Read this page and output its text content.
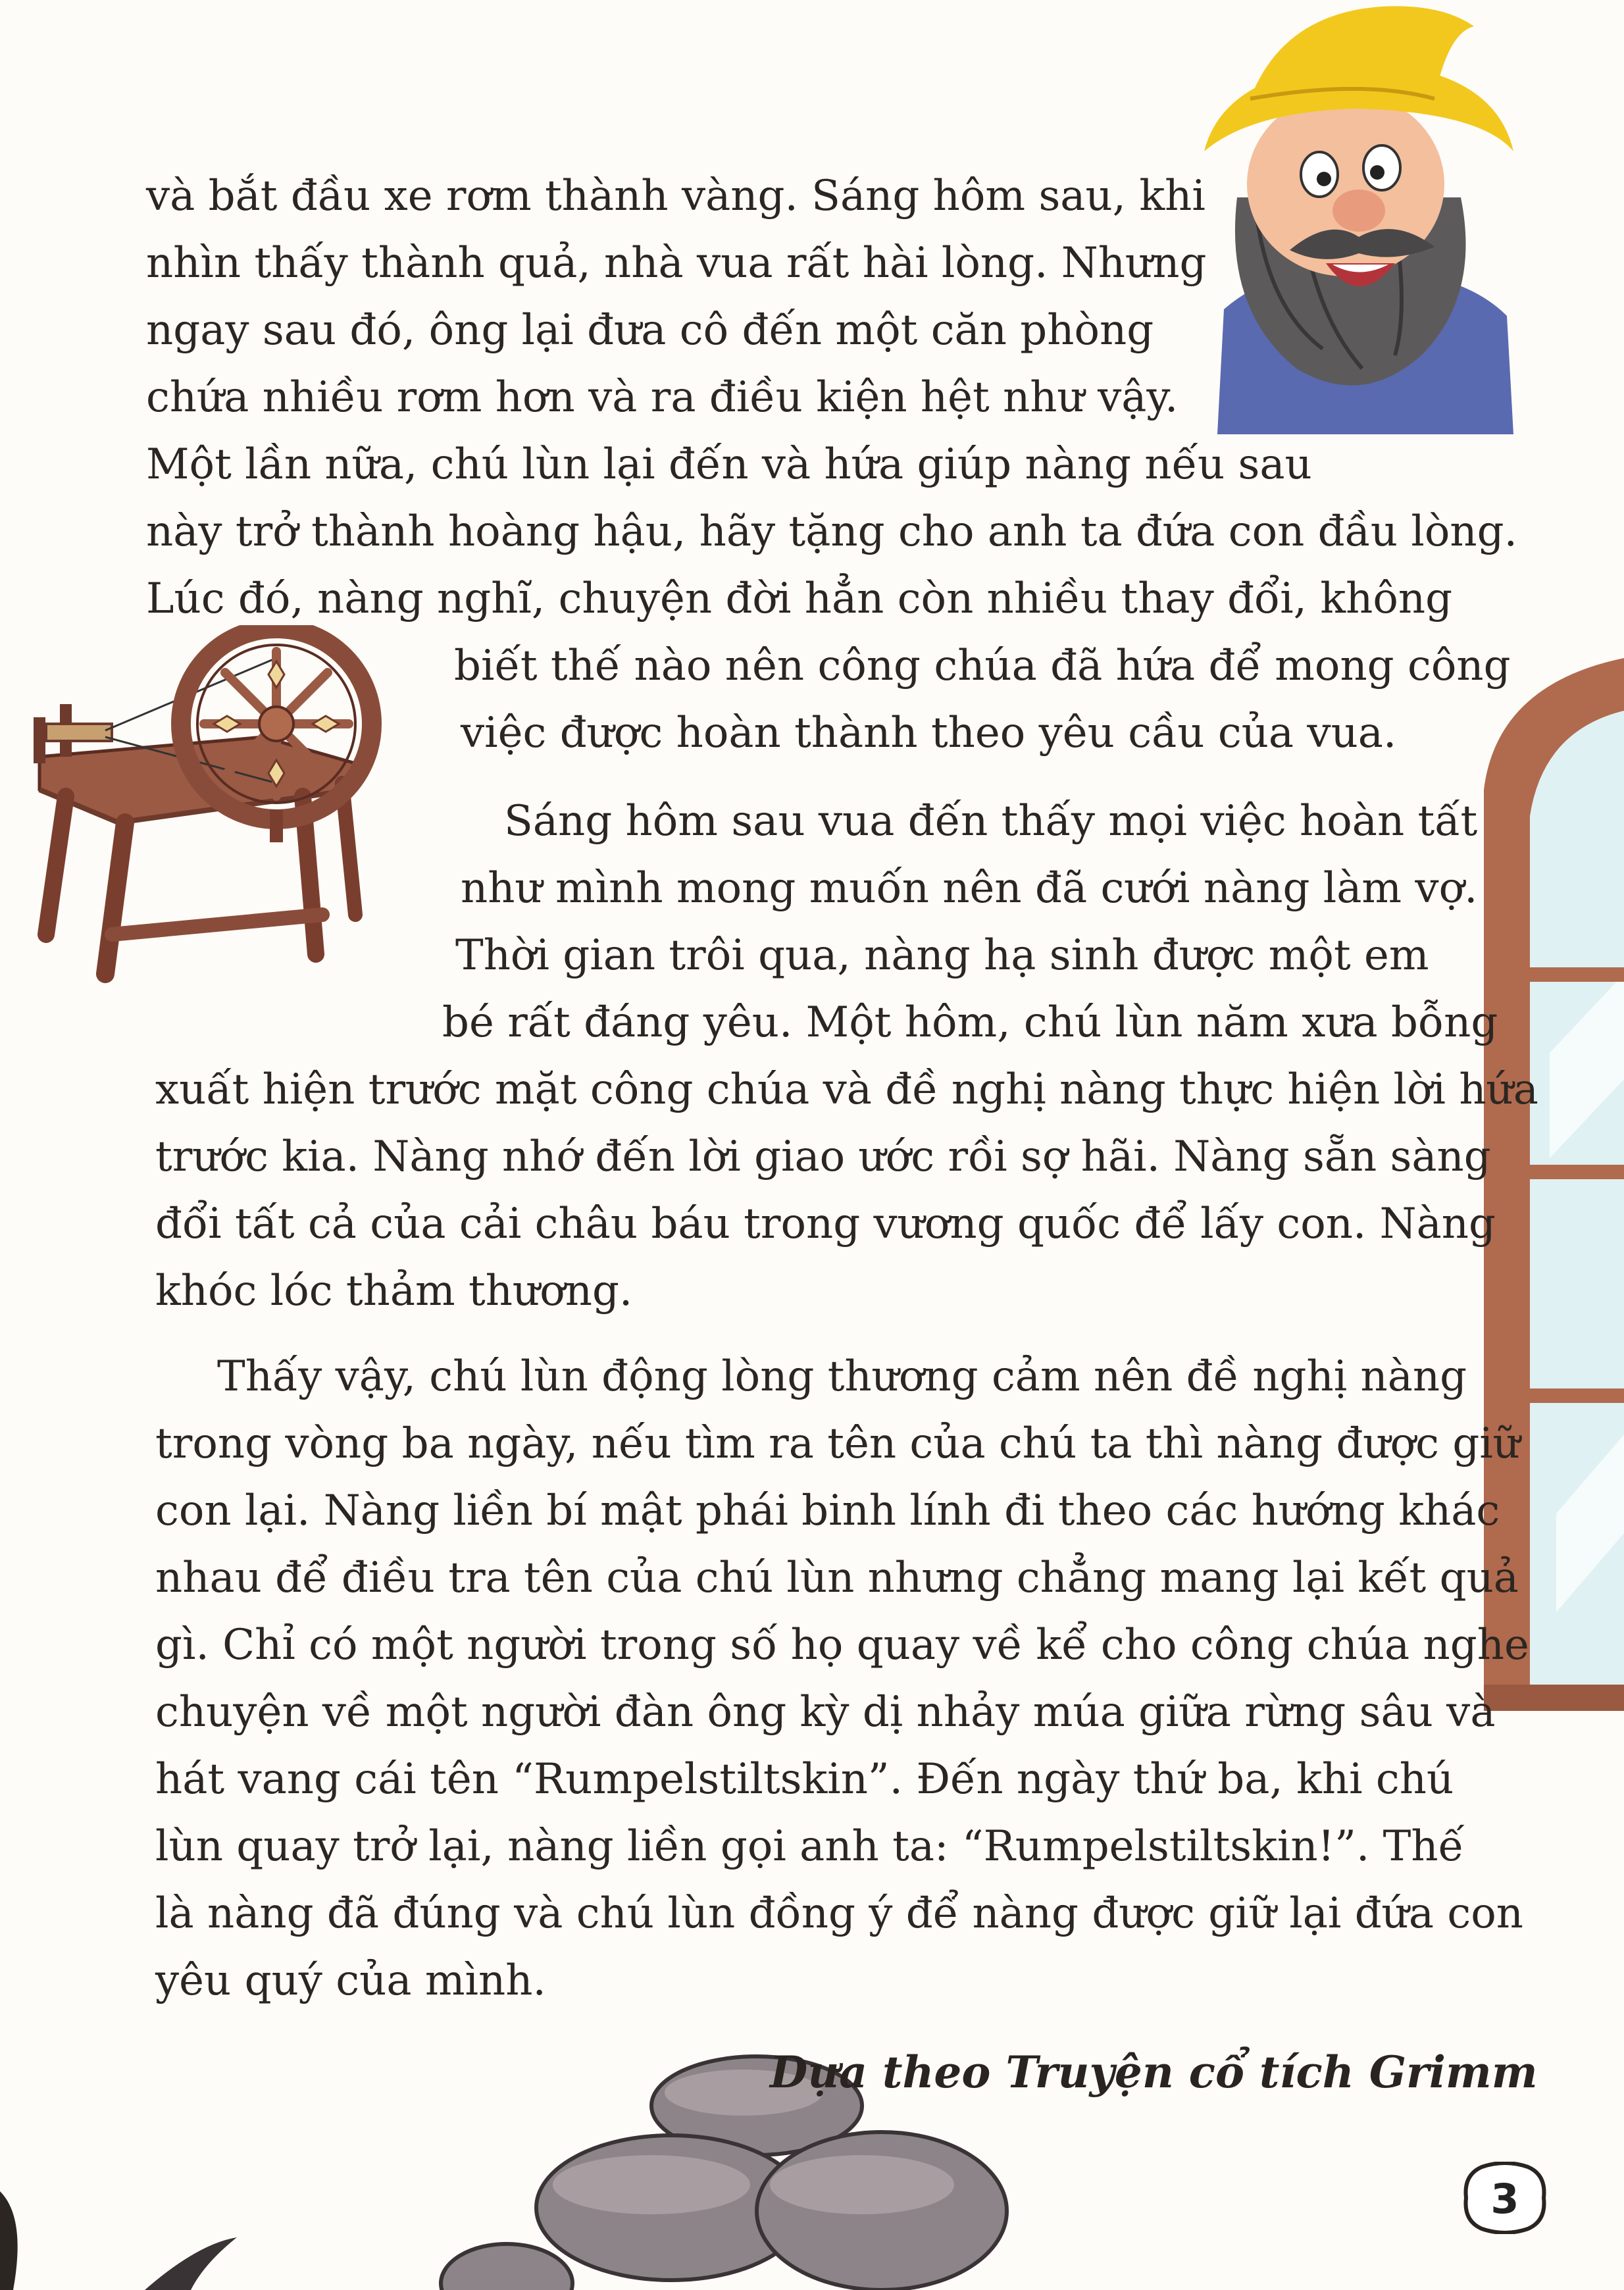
và bắt đầu xe rơm thành vàng. Sáng hôm sau, khi
nhìn thấy thành quả, nhà vua rất hài lòng. Nhưng
ngay sau đó, ông lại đưa cô đến một căn phòng
chứa nhiều rơm hơn và ra điều kiện hệt như vậy.
Một lần nữa, chú lùn lại đến và hứa giúp nàng nếu sau
này trở thành hoàng hậu, hãy tặng cho anh ta đứa con đầu lòng.
Lúc đó, nàng nghĩ, chuyện đời hẳn còn nhiều thay đổi, không
biết thế nào nên công chúa đã hứa để mong công
việc được hoàn thành theo yêu cầu của vua.
Sáng hôm sau vua đến thấy mọi việc hoàn tất
như mình mong muốn nên đã cưới nàng làm vợ.
Thời gian trôi qua, nàng hạ sinh được một em
bé rất đáng yêu. Một hôm, chú lùn năm xưa bỗng
xuất hiện trước mặt công chúa và đề nghị nàng thực hiện lời hứa
trước kia. Nàng nhớ đến lời giao ước rồi sợ hãi. Nàng sẵn sàng
đổi tất cả của cải châu báu trong vương quốc để lấy con. Nàng
khóc lóc thảm thương.
Thấy vậy, chú lùn động lòng thương cảm nên đề nghị nàng
trong vòng ba ngày, nếu tìm ra tên của chú ta thì nàng được giữ
con lại. Nàng liền bí mật phái binh lính đi theo các hướng khác
nhau để điều tra tên của chú lùn nhưng chẳng mang lại kết quả
gì. Chỉ có một người trong số họ quay về kể cho công chúa nghe
chuyện về một người đàn ông kỳ dị nhảy múa giữa rừng sâu và
hát vang cái tên “Rumpelstiltskin”. Đến ngày thứ ba, khi chú
lùn quay trở lại, nàng liền gọi anh ta: “Rumpelstiltskin!”. Thế
là nàng đã đúng và chú lùn đồng ý để nàng được giữ lại đứa con
yêu quý của mình.
Dựa theo Truyện cổ tích Grimm
3
